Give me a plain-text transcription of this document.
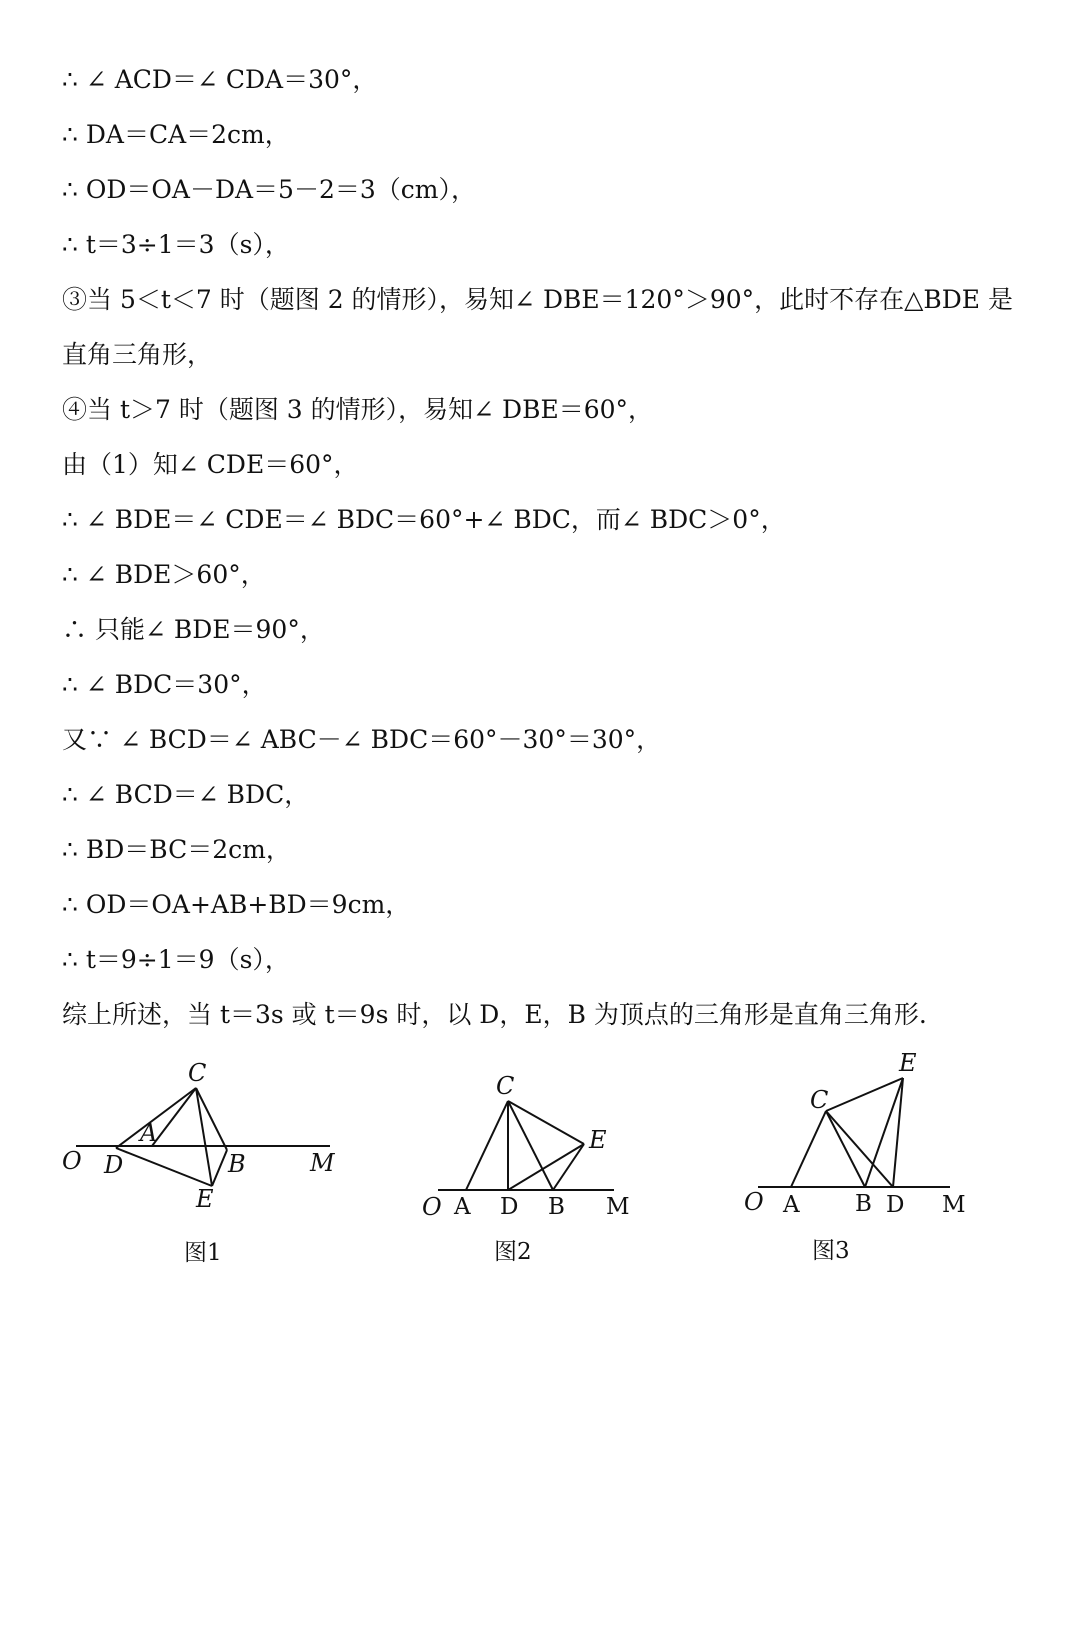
∴ ∠ ACD＝∠ CDA＝30°，
∴ DA＝CA＝2cm，
∴ OD＝OA－DA＝5－2＝3（cm），
∴ t＝3÷1＝3（s），
③当 5＜t＜7 时（题图 2 的情形），易知∠ DBE＝120°＞90°，此时不存在△BDE 是直角三角形，
④当 t＞7 时（题图 3 的情形），易知∠ DBE＝60°，
由（1）知∠ CDE＝60°，
∴ ∠ BDE＝∠ CDE＝∠ BDC＝60°+∠ BDC，而∠ BDC＞0°，
∴ ∠ BDE＞60°，
∴ 只能∠ BDE＝90°，
∴ ∠ BDC＝30°，
又∵ ∠ BCD＝∠ ABC－∠ BDC＝60°－30°＝30°，
∴ ∠ BCD＝∠ BDC，
∴ BD＝BC＝2cm，
∴ OD＝OA+AB+BD＝9cm，
∴ t＝9÷1＝9（s），
综上所述，当 t＝3s 或 t＝9s 时，以 D，E，B 为顶点的三角形是直角三角形.
C
A
O D	B	M
E
图1
C
E
O A D B M
图2
E
C
O A B D M
图3
